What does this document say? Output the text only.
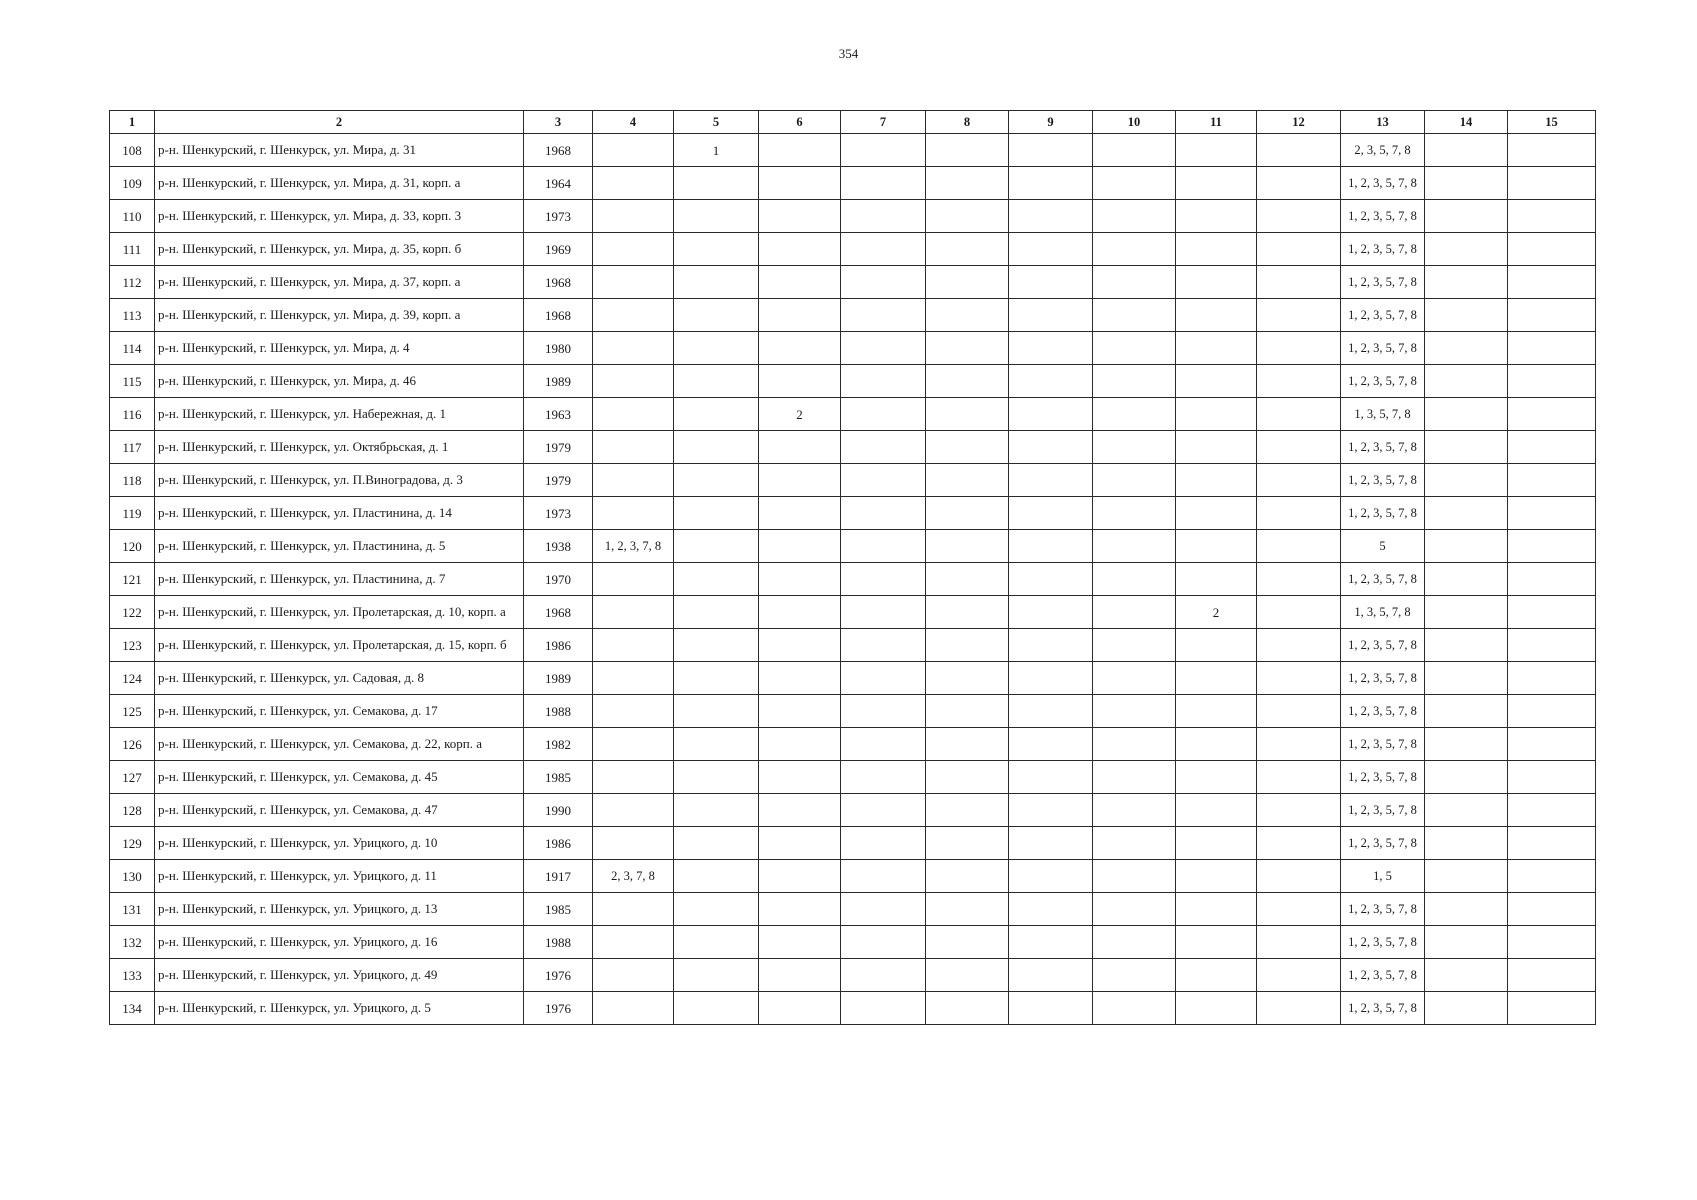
354
1	2	3	4	5	6	7	8	9	10	11	12	13	14	15
108	р-н. Шенкурский, г. Шенкурск, ул. Мира, д. 31	1968		1								2, 3, 5, 7, 8		
109	р-н. Шенкурский, г. Шенкурск, ул. Мира, д. 31, корп. а	1964										1, 2, 3, 5, 7, 8		
110	р-н. Шенкурский, г. Шенкурск, ул. Мира, д. 33, корп. 3	1973										1, 2, 3, 5, 7, 8		
111	р-н. Шенкурский, г. Шенкурск, ул. Мира, д. 35, корп. б	1969										1, 2, 3, 5, 7, 8		
112	р-н. Шенкурский, г. Шенкурск, ул. Мира, д. 37, корп. а	1968										1, 2, 3, 5, 7, 8		
113	р-н. Шенкурский, г. Шенкурск, ул. Мира, д. 39, корп. а	1968										1, 2, 3, 5, 7, 8		
114	р-н. Шенкурский, г. Шенкурск, ул. Мира, д. 4	1980										1, 2, 3, 5, 7, 8		
115	р-н. Шенкурский, г. Шенкурск, ул. Мира, д. 46	1989										1, 2, 3, 5, 7, 8		
116	р-н. Шенкурский, г. Шенкурск, ул. Набережная, д. 1	1963			2							1, 3, 5, 7, 8		
117	р-н. Шенкурский, г. Шенкурск, ул. Октябрьская, д. 1	1979										1, 2, 3, 5, 7, 8		
118	р-н. Шенкурский, г. Шенкурск, ул. П.Виноградова, д. 3	1979										1, 2, 3, 5, 7, 8		
119	р-н. Шенкурский, г. Шенкурск, ул. Пластинина, д. 14	1973										1, 2, 3, 5, 7, 8		
120	р-н. Шенкурский, г. Шенкурск, ул. Пластинина, д. 5	1938	1, 2, 3, 7, 8									5		
121	р-н. Шенкурский, г. Шенкурск, ул. Пластинина, д. 7	1970										1, 2, 3, 5, 7, 8		
122	р-н. Шенкурский, г. Шенкурск, ул. Пролетарская, д. 10, корп. а	1968								2		1, 3, 5, 7, 8		
123	р-н. Шенкурский, г. Шенкурск, ул. Пролетарская, д. 15, корп. б	1986										1, 2, 3, 5, 7, 8		
124	р-н. Шенкурский, г. Шенкурск, ул. Садовая, д. 8	1989										1, 2, 3, 5, 7, 8		
125	р-н. Шенкурский, г. Шенкурск, ул. Семакова, д. 17	1988										1, 2, 3, 5, 7, 8		
126	р-н. Шенкурский, г. Шенкурск, ул. Семакова, д. 22, корп. а	1982										1, 2, 3, 5, 7, 8		
127	р-н. Шенкурский, г. Шенкурск, ул. Семакова, д. 45	1985										1, 2, 3, 5, 7, 8		
128	р-н. Шенкурский, г. Шенкурск, ул. Семакова, д. 47	1990										1, 2, 3, 5, 7, 8		
129	р-н. Шенкурский, г. Шенкурск, ул. Урицкого, д. 10	1986										1, 2, 3, 5, 7, 8		
130	р-н. Шенкурский, г. Шенкурск, ул. Урицкого, д. 11	1917	2, 3, 7, 8									1, 5		
131	р-н. Шенкурский, г. Шенкурск, ул. Урицкого, д. 13	1985										1, 2, 3, 5, 7, 8		
132	р-н. Шенкурский, г. Шенкурск, ул. Урицкого, д. 16	1988										1, 2, 3, 5, 7, 8		
133	р-н. Шенкурский, г. Шенкурск, ул. Урицкого, д. 49	1976										1, 2, 3, 5, 7, 8		
134	р-н. Шенкурский, г. Шенкурск, ул. Урицкого, д. 5	1976										1, 2, 3, 5, 7, 8		
